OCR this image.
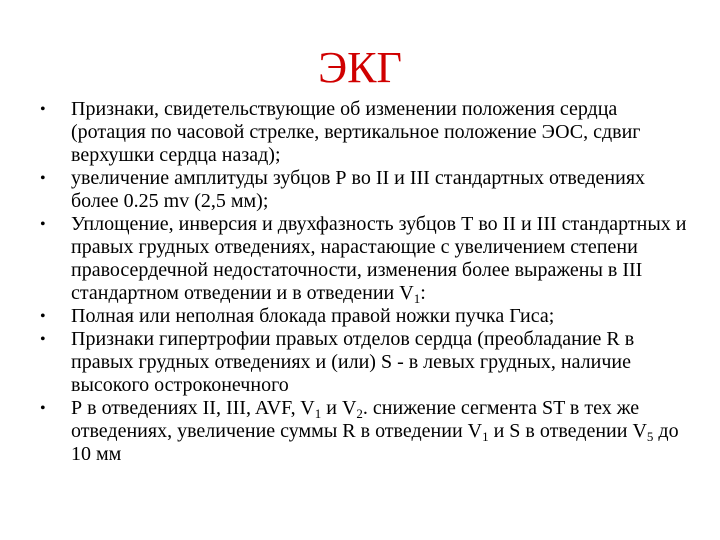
ЭКГ
• Признаки, свидетельствующие об изменении положения сердца (ротация по часовой стрелке, вертикальное положение ЭОС, сдвиг верхушки сердца назад);
• увеличение амплитуды зубцов Р во II и III стандартных отведениях более 0.25 mv (2,5 мм);
• Уплощение, инверсия и двухфазность зубцов Т во II и III стандартных и правых грудных отведениях, нарастающие с увеличением степени правосердечной недостаточности, изменения более выражены в III стандартном отведении и в отведении $V_1$:
• Полная или неполная блокада правой ножки пучка Гиса;
• Признаки гипертрофии правых отделов сердца (преобладание R в правых грудных отведениях и (или) S - в левых грудных, наличие высокого остроконечного
• Р в отведениях II, III, AVF, $V_1$ и $V_2$. снижение сегмента ST в тех же отведениях, увеличение суммы R в отведении $V_1$ и S в отведении $V_5$ до 10 мм
